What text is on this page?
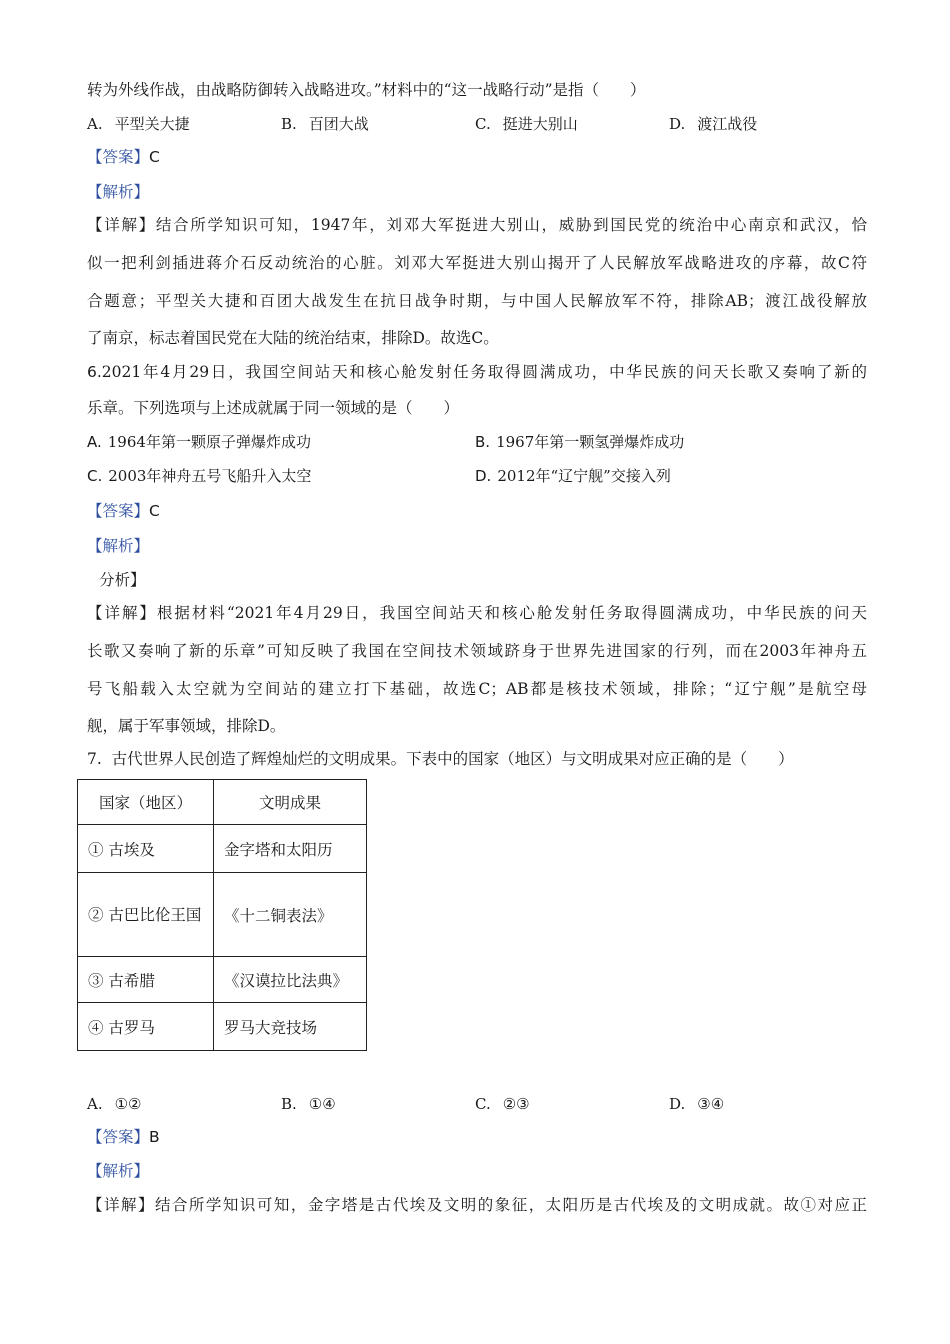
转为外线作战，由战略防御转入战略进攻。”材料中的“这一战略行动”是指（　　）
A. 平型关大捷	B. 百团大战	C. 挺进大别山	D. 渡江战役
【答案】C
【解析】
【详解】结合所学知识可知，1947年，刘邓大军挺进大别山，威胁到国民党的统治中心南京和武汉，恰
似一把利剑插进蒋介石反动统治的心脏。刘邓大军挺进大别山揭开了人民解放军战略进攻的序幕，故C符
合题意；平型关大捷和百团大战发生在抗日战争时期，与中国人民解放军不符，排除AB；渡江战役解放
了南京，标志着国民党在大陆的统治结束，排除D。故选C。
6.2021年4月29日，我国空间站天和核心舱发射任务取得圆满成功，中华民族的问天长歌又奏响了新的
乐章。下列选项与上述成就属于同一领域的是（　　）
A. 1964年第一颗原子弹爆炸成功	B. 1967年第一颗氢弹爆炸成功
C. 2003年神舟五号飞船升入太空	D. 2012年“辽宁舰”交接入列
【答案】C
【解析】
分析】
【详解】根据材料“2021年4月29日，我国空间站天和核心舱发射任务取得圆满成功，中华民族的问天
长歌又奏响了新的乐章”可知反映了我国在空间技术领域跻身于世界先进国家的行列，而在2003年神舟五
号飞船载入太空就为空间站的建立打下基础，故选C；AB都是核技术领域，排除；“辽宁舰”是航空母
舰，属于军事领域，排除D。
7. 古代世界人民创造了辉煌灿烂的文明成果。下表中的国家（地区）与文明成果对应正确的是（　　）
国家（地区）	文明成果
① 古埃及	金字塔和太阳历

② 古巴比伦王国	《十二铜表法》
③ 古希腊	《汉谟拉比法典》
④ 古罗马	罗马大竞技场
A. ①②	B. ①④	C. ②③	D. ③④
【答案】B
【解析】
【详解】结合所学知识可知，金字塔是古代埃及文明的象征，太阳历是古代埃及的文明成就。故①对应正
